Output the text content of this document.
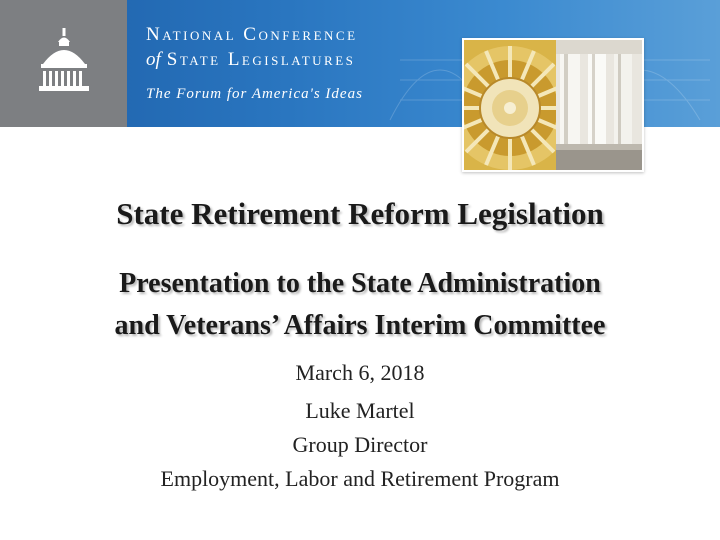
National Conference
of State Legislatures
The Forum for America's Ideas
State Retirement Reform Legislation
Presentation to the State Administration
and Veterans’ Affairs Interim Committee
March 6, 2018
Luke Martel
Group Director
Employment, Labor and Retirement Program
